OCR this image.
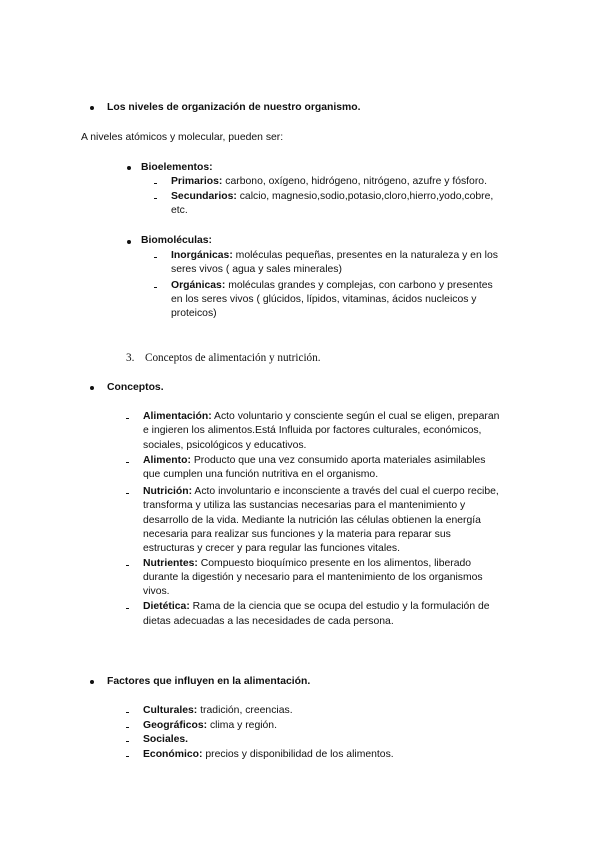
Los niveles de organización de nuestro organismo.
A niveles atómicos y molecular, pueden ser:
Bioelementos:
Primarios: carbono, oxígeno, hidrógeno, nitrógeno, azufre y fósforo.
Secundarios: calcio, magnesio,sodio,potasio,cloro,hierro,yodo,cobre,
etc.
Biomoléculas:
Inorgánicas: moléculas pequeñas, presentes en la naturaleza y en los
seres vivos ( agua y sales minerales)
Orgánicas: moléculas grandes y complejas, con carbono y presentes
en los seres vivos ( glúcidos, lípidos, vitaminas, ácidos nucleicos y
proteicos)
3. Conceptos de alimentación y nutrición.
Conceptos.
Alimentación: Acto voluntario y consciente según el cual se eligen, preparan
e ingieren los alimentos.Está Influida por factores culturales, económicos,
sociales, psicológicos y educativos.
Alimento: Producto que una vez consumido aporta materiales asimilables
que cumplen una función nutritiva en el organismo.
Nutrición: Acto involuntario e inconsciente a través del cual el cuerpo recibe,
transforma y utiliza las sustancias necesarias para el mantenimiento y
desarrollo de la vida. Mediante la nutrición las células obtienen la energía
necesaria para realizar sus funciones y la materia para reparar sus
estructuras y crecer y para regular las funciones vitales.
Nutrientes: Compuesto bioquímico presente en los alimentos, liberado
durante la digestión y necesario para el mantenimiento de los organismos
vivos.
Dietética: Rama de la ciencia que se ocupa del estudio y la formulación de
dietas adecuadas a las necesidades de cada persona.
Factores que influyen en la alimentación.
Culturales: tradición, creencias.
Geográficos: clima y región.
Sociales.
Económico: precios y disponibilidad de los alimentos.
